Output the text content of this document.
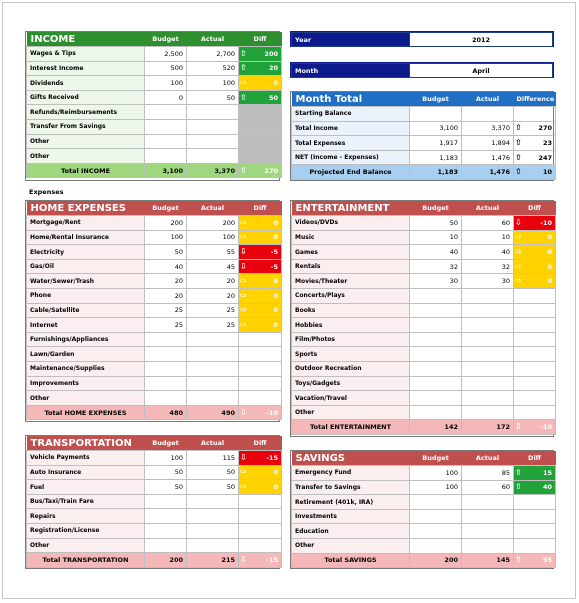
INCOME	Budget	Actual	Diff
Wages & Tips	2,500	2,700	⇧ 200

Interest Income	500	520	⇧ 20

Dividends	100	100	⇨ 0

Gifts Received	0	50	⇧ 50

Refunds/Reimbursements			

Transfer From Savings			

Other			

Other			

Total INCOME	3,100	3,370	⇧ 270
Expenses
HOME EXPENSES	Budget	Actual	Diff
Mortgage/Rent	200	200	⇨ 0

Home/Rental Insurance	100	100	⇨ 0

Electricity	50	55	⇩ -5

Gas/Oil	40	45	⇩ -5

Water/Sewer/Trash	20	20	⇨ 0

Phone	20	20	⇨ 0

Cable/Satellite	25	25	⇨ 0

Internet	25	25	⇨ 0

Furnishings/Appliances			

Lawn/Garden			

Maintenance/Supplies			

Improvements			

Other			

Total HOME EXPENSES	480	490	⇩ -10
TRANSPORTATION	Budget	Actual	Diff
Vehicle Payments	100	115	⇩ -15

Auto Insurance	50	50	⇨ 0

Fuel	50	50	⇨ 0

Bus/Taxi/Train Fare			

Repairs			

Registration/License			

Other			

Total TRANSPORTATION	200	215	⇩ -15
Year	2012
Month	April
Month Total	Budget	Actual	Difference
Starting Balance			

Total Income	3,100	3,370	⇧ 270

Total Expenses	1,917	1,894	⇧ 23

NET (Income - Expenses)	1,183	1,476	⇧ 247

Projected End Balance	1,183	1,476	⇧ 10
ENTERTAINMENT	Budget	Actual	Diff
Videos/DVDs	50	60	⇩ -10

Music	10	10	⇨ 0

Games	40	40	⇨ 0

Rentals	32	32	⇨ 0

Movies/Theater	30	30	⇨ 0

Concerts/Plays			

Books			

Hobbies			

Film/Photos			

Sports			

Outdoor Recreation			

Toys/Gadgets			

Vacation/Travel			

Other			

Total ENTERTAINMENT	142	172	⇩ -10
SAVINGS	Budget	Actual	Diff
Emergency Fund	100	85	⇧ 15

Transfer to Savings	100	60	⇧ 40

Retirement (401k, IRA)			

Investments			

Education			

Other			

Total SAVINGS	200	145	⇧ 55
